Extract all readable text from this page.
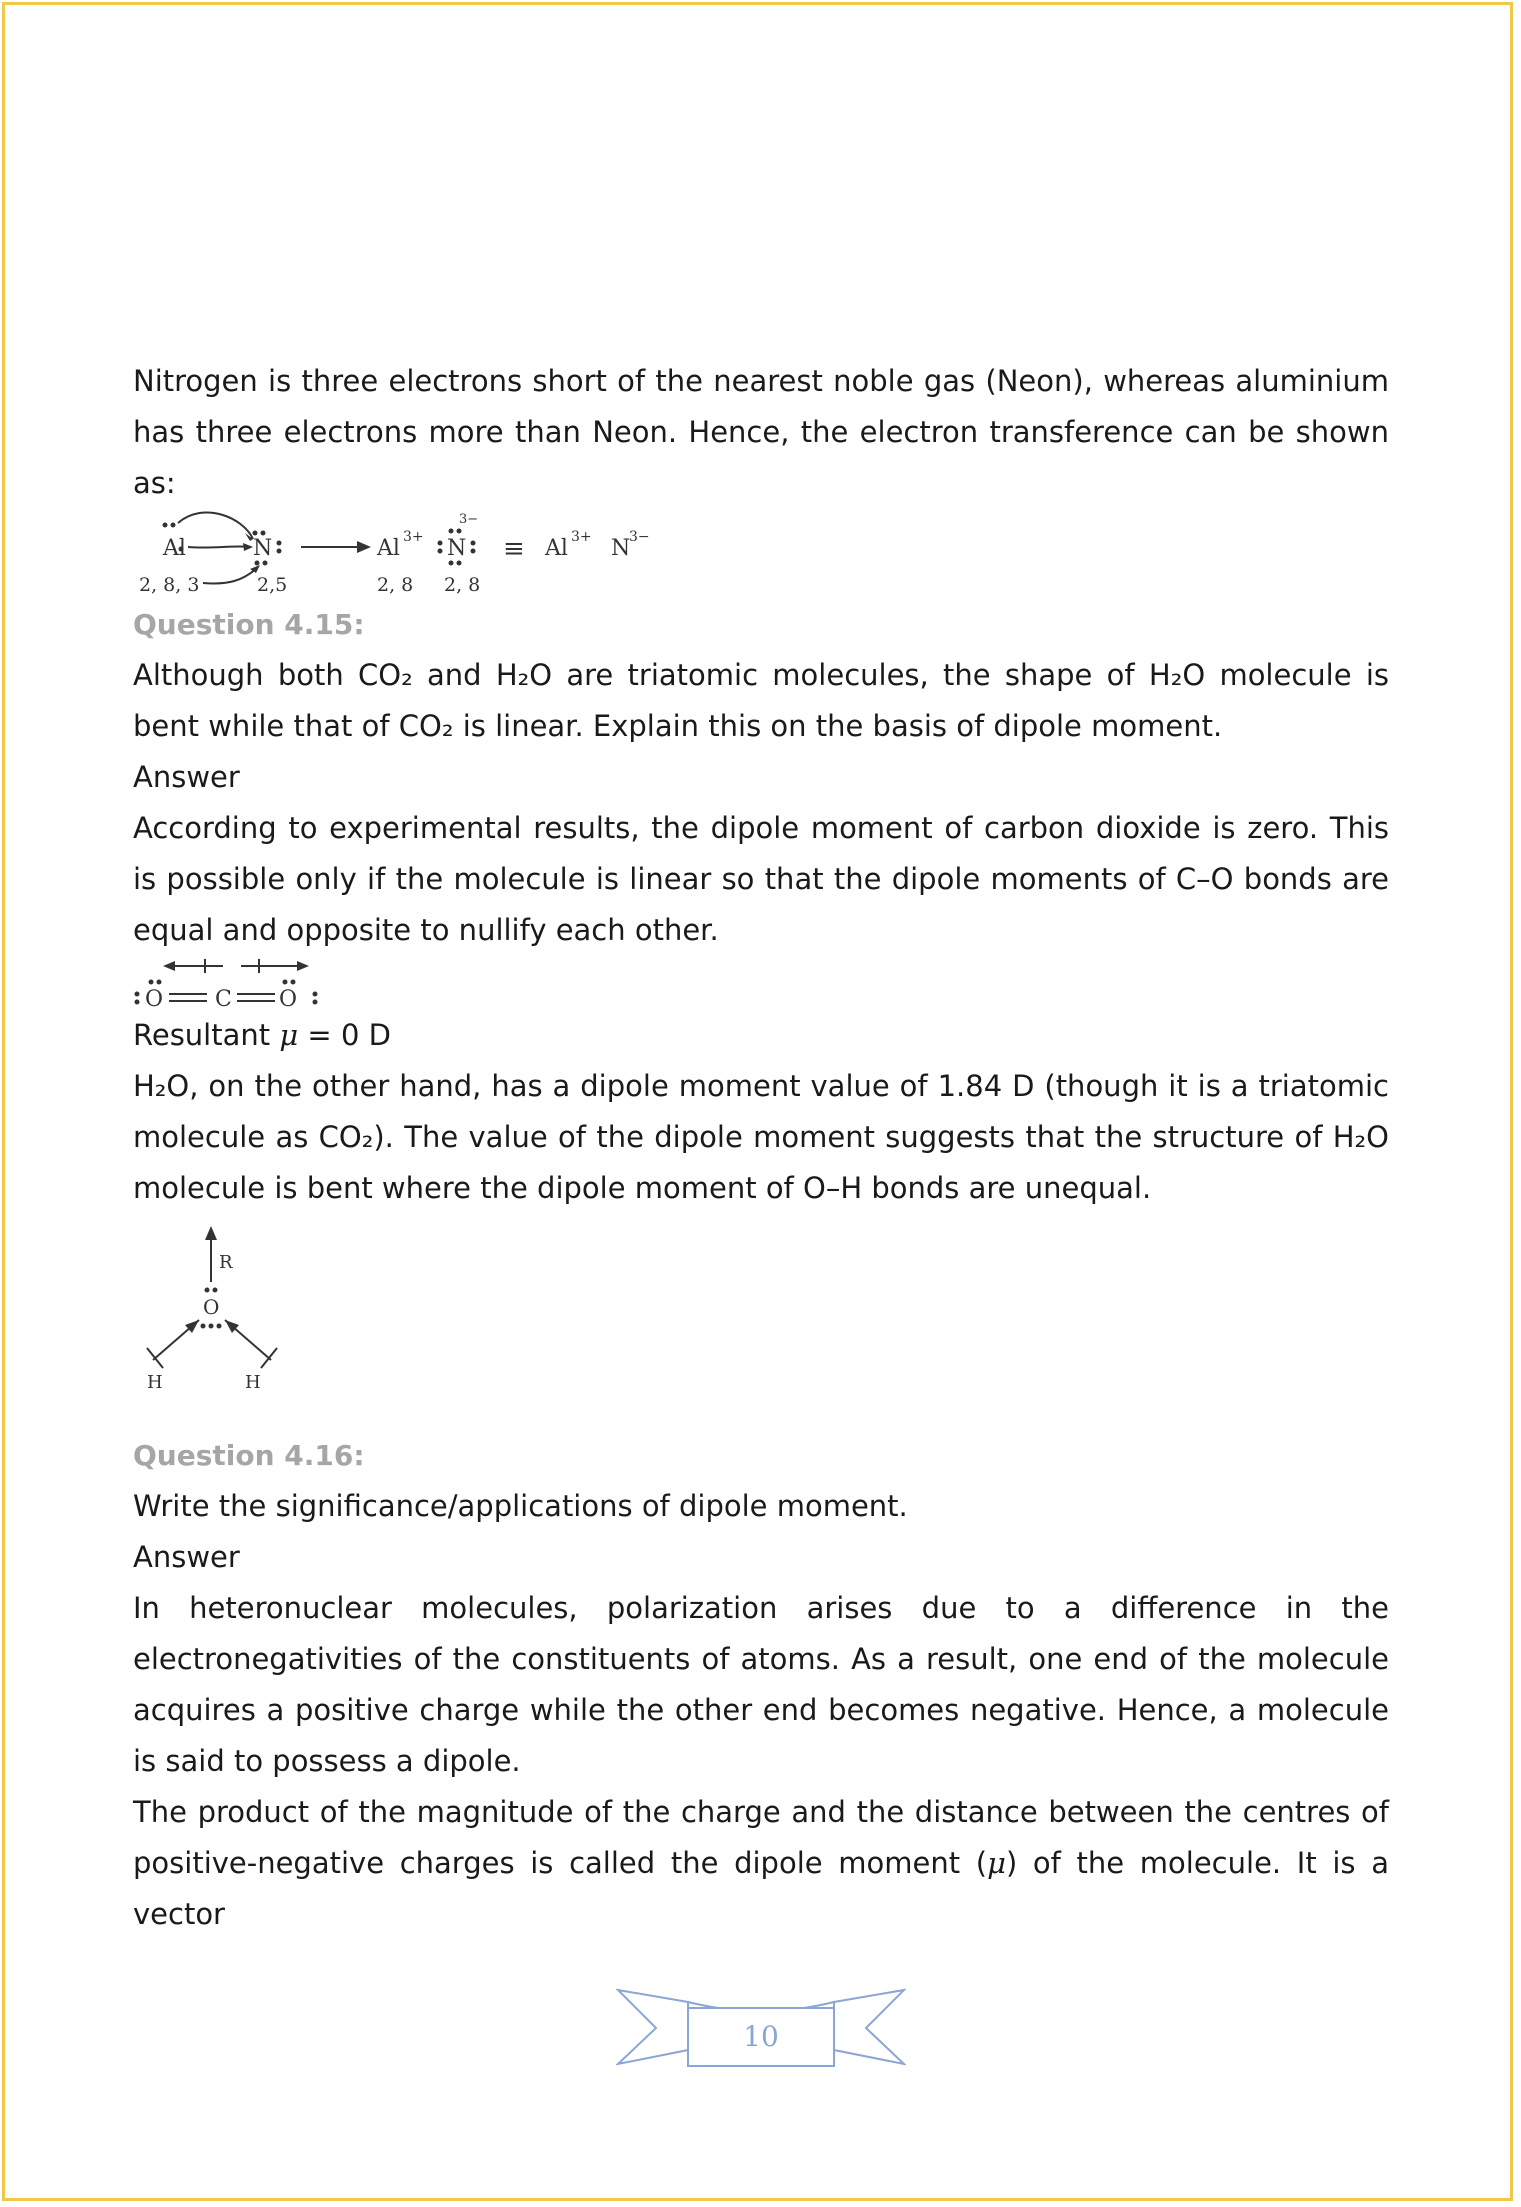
Nitrogen is three electrons short of the nearest noble gas (Neon), whereas aluminium has three electrons more than Neon. Hence, the electron transference can be shown as:

Al
2, 8, 3
N
2,5
Al 3+
2, 8
N
3−
2, 8
≡ Al 3+ N
3−

Question 4.15:

Although both CO₂ and H₂O are triatomic molecules, the shape of H₂O molecule is bent while that of CO₂ is linear. Explain this on the basis of dipole moment.

Answer

According to experimental results, the dipole moment of carbon dioxide is zero. This is possible only if the molecule is linear so that the dipole moments of C–O bonds are equal and opposite to nullify each other.

O C O

Resultant μ = 0 D

H₂O, on the other hand, has a dipole moment value of 1.84 D (though it is a triatomic molecule as CO₂). The value of the dipole moment suggests that the structure of H₂O molecule is bent where the dipole moment of O–H bonds are unequal.

R
O
H	H

Question 4.16:

Write the significance/applications of dipole moment.

Answer

In heteronuclear molecules, polarization arises due to a difference in the electronegativities of the constituents of atoms. As a result, one end of the molecule acquires a positive charge while the other end becomes negative. Hence, a molecule is said to possess a dipole.

The product of the magnitude of the charge and the distance between the centres of positive-negative charges is called the dipole moment (μ) of the molecule. It is a vector

10
